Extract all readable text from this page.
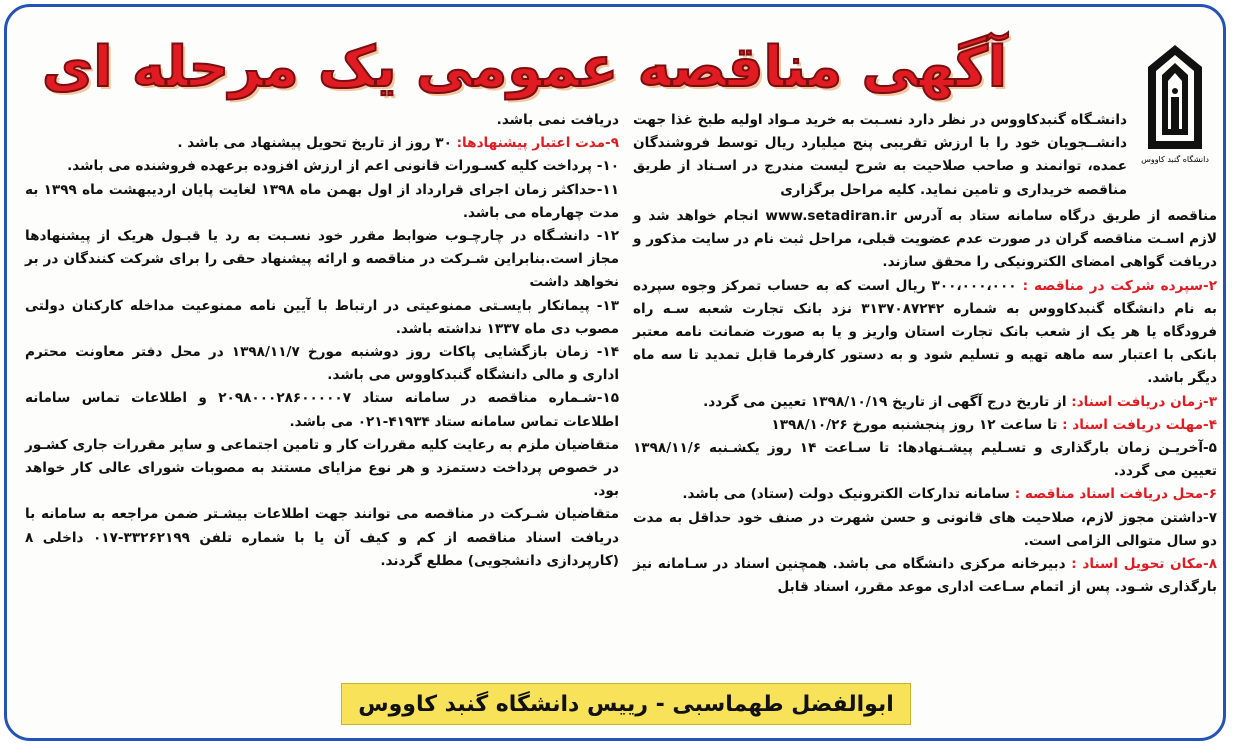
دانشگاه گنبد کاووس
آگهی مناقصه عمومی یک مرحله ای

دانشـگاه گنبدکاووس در نظر دارد نسـبت به خرید مـواد اولیه طبخ غذا جهت دانشــجویان خود را با ارزش تقریبی پنج میلیارد ریال توسط فروشندگان عمده، توانمند و صاحب صلاحیت به شرح لیست مندرج در اسـناد از طریق مناقصه خریداری و تامین نماید. کلیه مراحل برگزاری

مناقصه از طریق درگاه سامانه ستاد به آدرس www.setadiran.ir انجام خواهد شد و لازم اسـت مناقصه گران در صورت عدم عضویت قبلی، مراحل ثبت نام در سایت مذکور و دریافت گواهی امضای الکترونیکی را محقق سازند.

۲-سپرده شرکت در مناقصه : ۳۰۰،۰۰۰،۰۰۰ ریال است که به حساب تمرکز وجوه سپرده به نام دانشگاه گنبدکاووس به شماره ۳۱۳۷۰۸۷۲۴۲ نزد بانک تجارت شعبه سـه راه فرودگاه یا هر یک از شعب بانک تجارت استان واریز و یا به صورت ضمانت نامه معتبر بانکی با اعتبار سه ماهه تهیه و تسلیم شود و به دستور کارفرما قابل تمدید تا سه ماه دیگر باشد.

۳-زمان دریافت اسناد: از تاریخ درج آگهی از تاریخ ۱۳۹۸/۱۰/۱۹ تعیین می گردد.

۴-مهلت دریافت اسناد : تا ساعت ۱۲ روز پنجشنبه مورخ ۱۳۹۸/۱۰/۲۶

۵-آخریـن زمان بارگذاری و تسـلیم پیشـنهادها: تا سـاعت ۱۴ روز یکشـنبه ۱۳۹۸/۱۱/۶ تعیین می گردد.

۶-محل دریافت اسناد مناقصه : سامانه تدارکات الکترونیک دولت (ستاد) می باشد.

۷-داشتن مجوز لازم، صلاحیت های قانونی و حسن شهرت در صنف خود حداقل به مدت دو سال متوالی الزامی است.

۸-مکان تحویل اسناد : دبیرخانه مرکزی دانشگاه می باشد. همچنین اسناد در سـامانه نیز بارگذاری شـود. پس از اتمام سـاعت اداری موعد مقرر، اسناد قابل

دریافت نمی باشد.

۹-مدت اعتبار پیشنهادها: ۳۰ روز از تاریخ تحویل پیشنهاد می باشد .

۱۰- پرداخت کلیه کسـورات قانونی اعم از ارزش افزوده برعهده فروشنده می باشد.

۱۱-حداکثر زمان اجرای قرارداد از اول بهمن ماه ۱۳۹۸ لغایت پایان اردیبهشت ماه ۱۳۹۹ به مدت چهارماه می باشد.

۱۲- دانشـگاه در چارچـوب ضوابط مقرر خود نسـبت به رد یا قبـول هریک از پیشنهادها مجاز است.بنابراین شـرکت در مناقصه و ارائه پیشنهاد حقی را برای شرکت کنندگان در بر نخواهد داشت

۱۳- پیمانکار بایسـتی ممنوعیتی در ارتباط با آیین نامه ممنوعیت مداخله کارکنان دولتی مصوب دی ماه ۱۳۳۷ نداشته باشد.

۱۴- زمان بازگشایی پاکات روز دوشنبه مورخ ۱۳۹۸/۱۱/۷ در محل دفتر معاونت محترم اداری و مالی دانشگاه گنبدکاووس می باشد.

۱۵-شـماره مناقصه در سامانه ستاد ۲۰۹۸۰۰۰۲۸۶۰۰۰۰۰۷ و اطلاعات تماس سامانه اطلاعات تماس سامانه ستاد ۴۱۹۳۴-۰۲۱ می باشد.

متقاضیان ملزم به رعایت کلیه مقررات کار و تامین اجتماعی و سایر مقررات جاری کشـور در خصوص پرداخت دستمزد و هر نوع مزایای مستند به مصوبات شورای عالی کار خواهد بود.

متقاضیان شـرکت در مناقصه می توانند جهت اطلاعات بیشـتر ضمن مراجعه به سامانه با دریافت اسناد مناقصه از کم و کیف آن یا با شماره تلفن ۳۳۲۶۲۱۹۹-۰۱۷ داخلی ۸ (کارپردازی دانشجویی) مطلع گردند.

ابوالفضل طهماسبی - رییس دانشگاه گنبد کاووس
